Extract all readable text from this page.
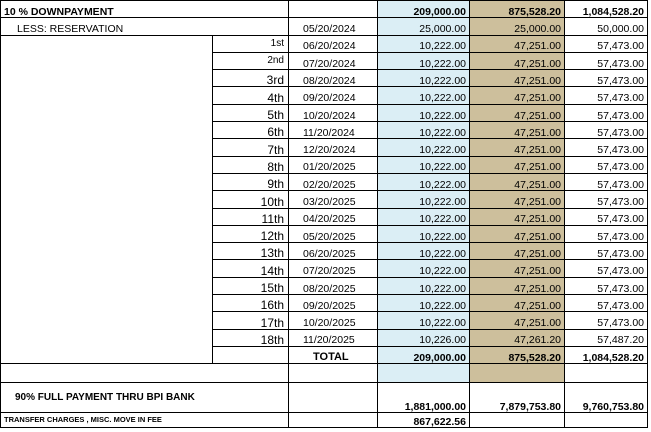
10 % DOWNPAYMENT			209,000.00	875,528.20	1,084,528.20
LESS: RESERVATION		05/20/2024	25,000.00	25,000.00	50,000.00
	1st	06/20/2024	10,222.00	47,251.00	57,473.00
	2nd	07/20/2024	10,222.00	47,251.00	57,473.00
	3rd	08/20/2024	10,222.00	47,251.00	57,473.00
	4th	09/20/2024	10,222.00	47,251.00	57,473.00
	5th	10/20/2024	10,222.00	47,251.00	57,473.00
	6th	11/20/2024	10,222.00	47,251.00	57,473.00
	7th	12/20/2024	10,222.00	47,251.00	57,473.00
	8th	01/20/2025	10,222.00	47,251.00	57,473.00
	9th	02/20/2025	10,222.00	47,251.00	57,473.00
	10th	03/20/2025	10,222.00	47,251.00	57,473.00
	11th	04/20/2025	10,222.00	47,251.00	57,473.00
	12th	05/20/2025	10,222.00	47,251.00	57,473.00
	13th	06/20/2025	10,222.00	47,251.00	57,473.00
	14th	07/20/2025	10,222.00	47,251.00	57,473.00
	15th	08/20/2025	10,222.00	47,251.00	57,473.00
	16th	09/20/2025	10,222.00	47,251.00	57,473.00
	17th	10/20/2025	10,222.00	47,251.00	57,473.00
	18th	11/20/2025	10,226.00	47,261.20	57,487.20
		TOTAL	209,000.00	875,528.20	1,084,528.20

90% FULL PAYMENT THRU BPI BANK			1,881,000.00	7,879,753.80	9,760,753.80
TRANSFER CHARGES , MISC. MOVE IN FEE			867,622.56		
